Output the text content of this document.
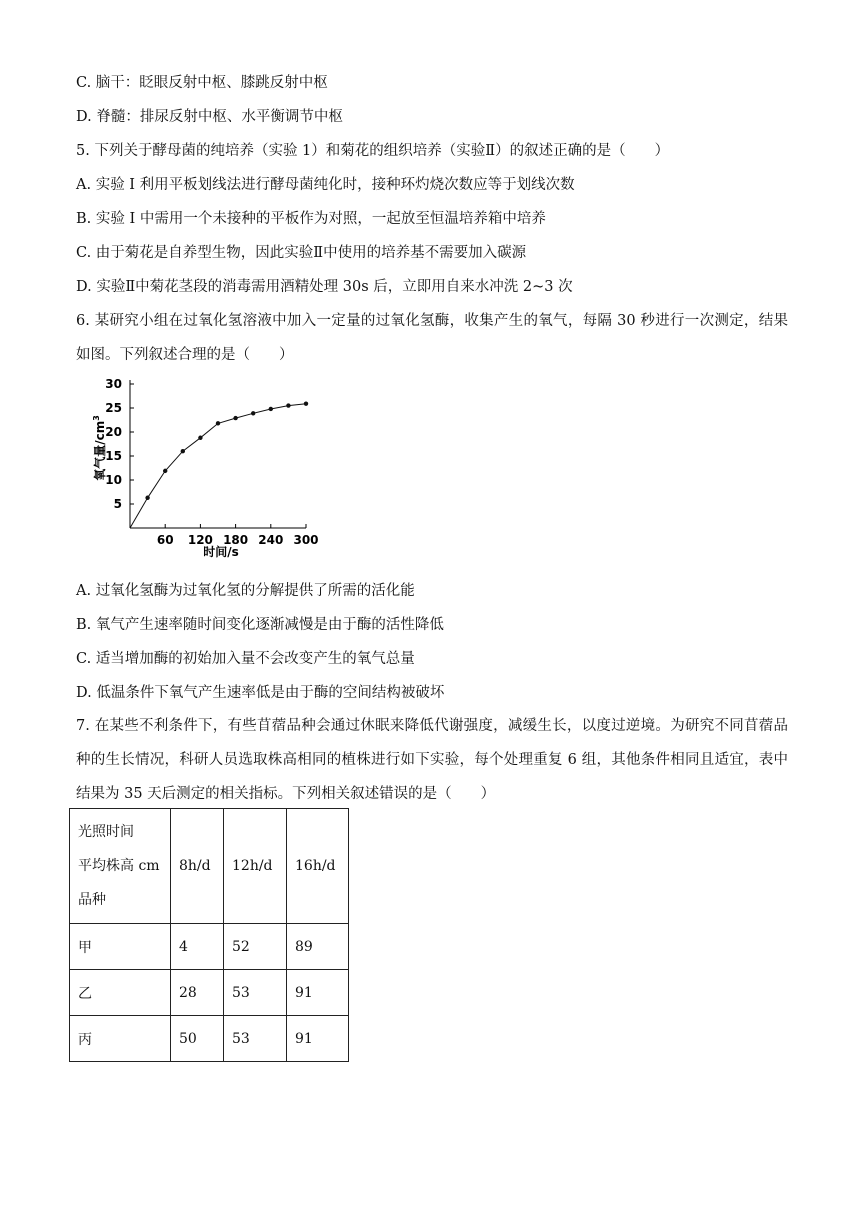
C. 脑干：眨眼反射中枢、膝跳反射中枢
D. 脊髓：排尿反射中枢、水平衡调节中枢
5. 下列关于酵母菌的纯培养（实验 1）和菊花的组织培养（实验Ⅱ）的叙述正确的是（　　）
A. 实验 I 利用平板划线法进行酵母菌纯化时，接种环灼烧次数应等于划线次数
B. 实验 I 中需用一个未接种的平板作为对照，一起放至恒温培养箱中培养
C. 由于菊花是自养型生物，因此实验Ⅱ中使用的培养基不需要加入碳源
D. 实验Ⅱ中菊花茎段的消毒需用酒精处理 30s 后，立即用自来水冲洗 2~3 次
6. 某研究小组在过氧化氢溶液中加入一定量的过氧化氢酶，收集产生的氧气，每隔 30 秒进行一次测定，结果如图。下列叙述合理的是（　　）
5
10
15
20
25
30
60 120 180 240 300
时间/s
氧气量$/cm^3$
A. 过氧化氢酶为过氧化氢的分解提供了所需的活化能
B. 氧气产生速率随时间变化逐渐减慢是由于酶的活性降低
C. 适当增加酶的初始加入量不会改变产生的氧气总量
D. 低温条件下氧气产生速率低是由于酶的空间结构被破坏
7. 在某些不利条件下，有些苜蓿品种会通过休眠来降低代谢强度，减缓生长，以度过逆境。为研究不同苜蓿品种的生长情况，科研人员选取株高相同的植株进行如下实验，每个处理重复 6 组，其他条件相同且适宜，表中结果为 35 天后测定的相关指标。下列相关叙述错误的是（　　）
光照时间
平均株高 cm
品种	8h/d	12h/d	16h/d
甲	4	52	89
乙	28	53	91
丙	50	53	91
